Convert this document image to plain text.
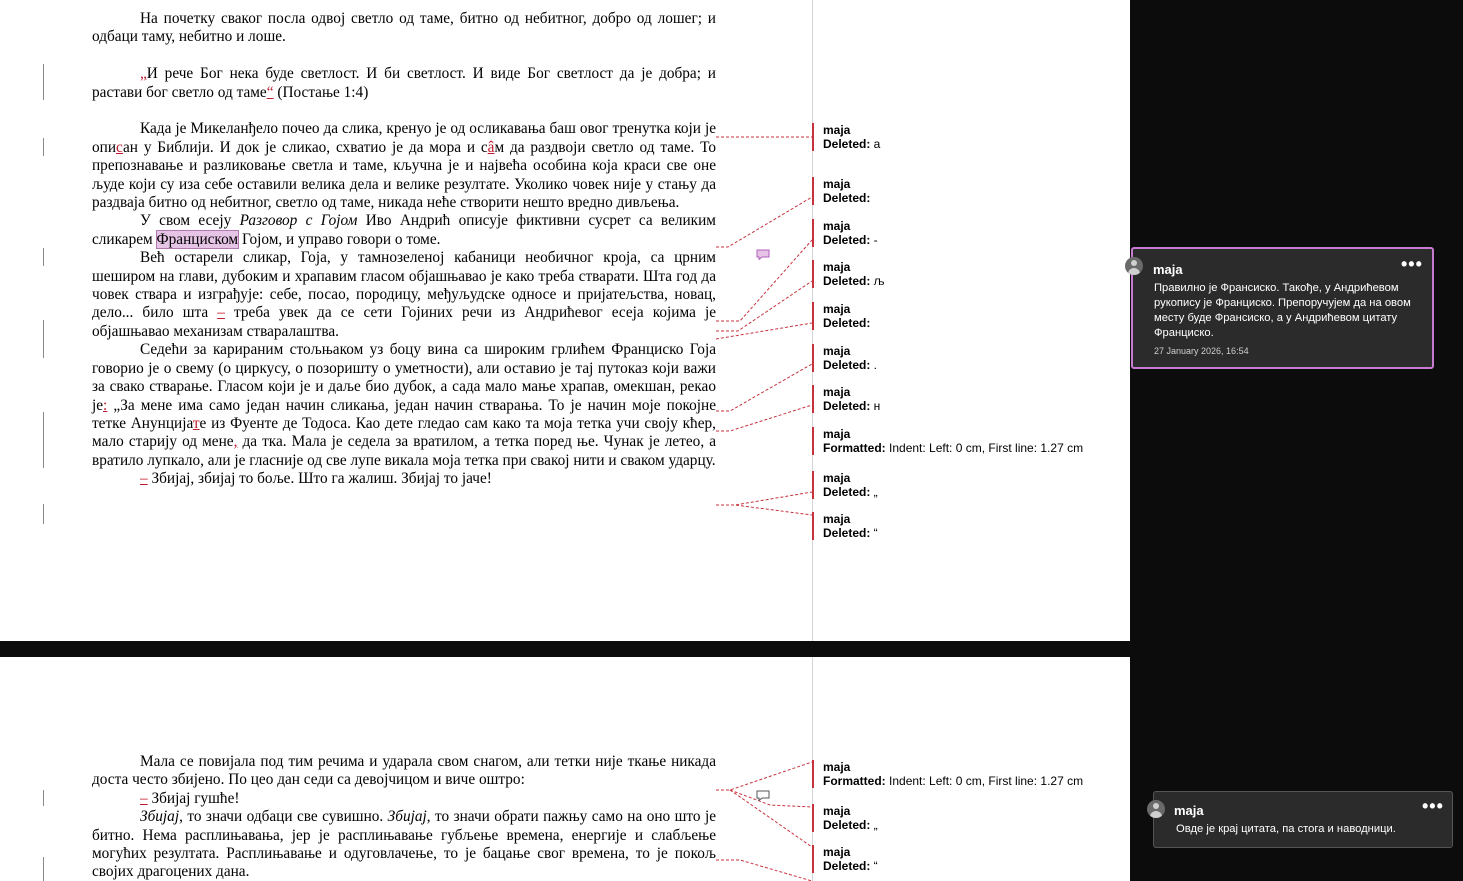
На почетку сваког посла одвој светло од таме, битно од небитног, добро од лошег; и одбаци таму, небитно и лоше.

„И рече Бог нека буде светлост. И би светлост. И виде Бог светлост да је добра; и растави бог светло од таме“ (Постање 1:4)

Када је Микеланђело почео да слика, кренуо је од осликавања баш овог тренутка који је описан у Библији. И док је сликао, схватио је да мора и сâм да раздвоји светло од таме. То препознавање и разликовање светла и таме, кључна је и највећа особина која краси све оне људе који су иза себе оставили велика дела и велике резултате. Уколико човек није у стању да раздваја битно од небитног, светло од таме, никада неће створити нешто вредно дивљења.

У свом есеју Разговор с Гојом Иво Андрић описује фиктивни сусрет са великим сликарем Франциском Гојом, и управо говори о томе.

Већ остарели сликар, Гоја, у тамнозеленој кабаници необичног кроја, са црним шеширом на глави, дубоким и храпавим гласом објашњавао је како треба стварати. Шта год да човек ствара и изграђује: себе, посао, породицу, међуљудске односе и пријатељства, новац, дело... било шта – треба увек да се сети Гојиних речи из Андрићевог есеја којима је објашњавао механизам стваралаштва.

Седећи за карираним стољњаком уз боцу вина са широким грлићем Франциско Гоја говорио је о свему (о циркусу, о позоришту о уметности), али оставио је тај путоказ који важи за свако стварање. Гласом који је и даље био дубок, а сада мало мање храпав, омекшан, рекао је: „За мене има само један начин сликања, један начин стварања. То је начин моје покојне тетке Анунцијате из Фуенте де Тодоса. Као дете гледао сам како та моја тетка учи своју кћер, мало старију од мене, да тка. Мала је седела за вратилом, а тетка поред ње. Чунак је летео, а вратило лупкало, али је гласније од све лупе викала моја тетка при свакој нити и сваком ударцу.

– Збијај, збијај то боље. Што га жалиш. Збијај то јаче!

maja
Deleted: а
maja
Deleted:
maja
Deleted: -
maja
Deleted: љ
maja
Deleted:
maja
Deleted: .
maja
Deleted: н
maja
Formatted: Indent: Left: 0 cm, First line: 1.27 cm
maja
Deleted: „
maja
Deleted: “

Мала се повијала под тим речима и ударала свом снагом, али тетки није ткање никада доста често збијено. По цео дан седи са девојчицом и виче оштро:

– Збијај гушће!

Збијај, то значи одбаци све сувишно. Збијај, то значи обрати пажњу само на оно што је битно. Нема расплињавања, јер је расплињавање губљење времена, енергије и слабљење могућих резултата. Расплињавање и одуговлачење, то је бацање свог времена, то је покољ својих драгоцених дана.

maja
Formatted: Indent: Left: 0 cm, First line: 1.27 cm
maja
Deleted: „
maja
Deleted: “
maja	•••
Правилно је Франсиско. Такође, у Андрићевом рукопису је Францискo. Препоручујем да на овом месту буде Франсиско, а у Андрићевом цитату Франциско.
27 January 2026, 16:54
maja	•••
Овде је крај цитата, па стога и наводници.
